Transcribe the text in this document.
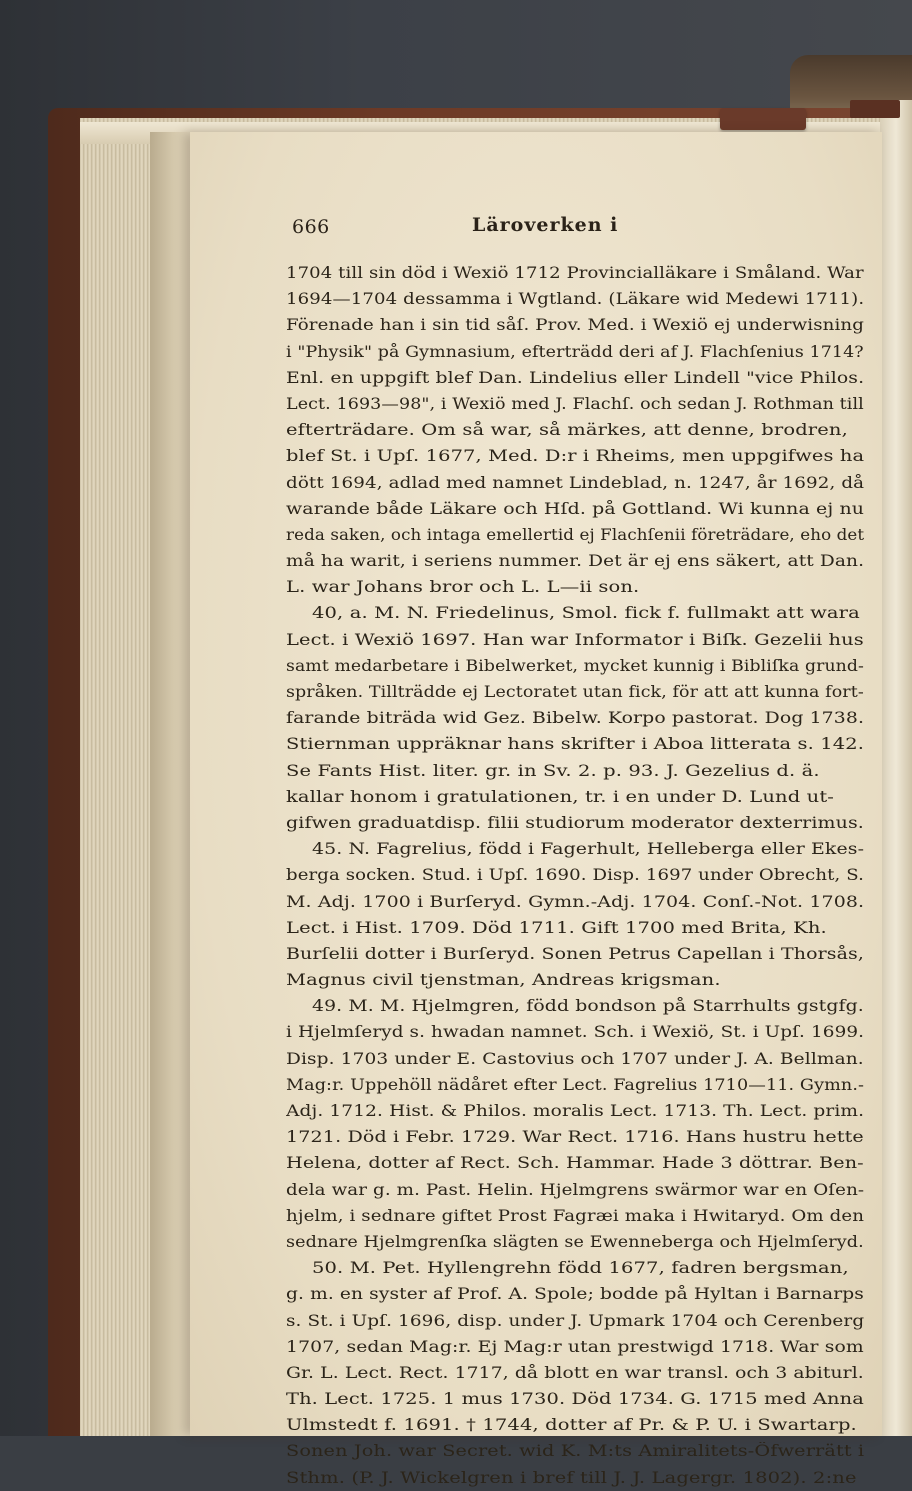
666	Läroverken i
1704 till sin död i Wexiö 1712 Provincialläkare i Småland. War
1694—1704 dessamma i Wgtland. (Läkare wid Medewi 1711).
Förenade han i sin tid såſ. Prov. Med. i Wexiö ej underwisning
i "Physik" på Gymnasium, efterträdd deri af J. Flachſenius 1714?
Enl. en uppgift blef Dan. Lindelius eller Lindell "vice Philos.
Lect. 1693—98", i Wexiö med J. Flachſ. och sedan J. Rothman till
efterträdare. Om så war, så märkes, att denne, brodren,
blef St. i Upſ. 1677, Med. D:r i Rheims, men uppgifwes ha
dött 1694, adlad med namnet Lindeblad, n. 1247, år 1692, då
warande både Läkare och Hſd. på Gottland. Wi kunna ej nu
reda saken, och intaga emellertid ej Flachſenii företrädare, eho det
må ha warit, i seriens nummer. Det är ej ens säkert, att Dan.
L. war Johans bror och L. L—ii son.
40, a. M. N. Friedelinus, Smol. fick f. fullmakt att wara
Lect. i Wexiö 1697. Han war Informator i Biſk. Gezelii hus
samt medarbetare i Bibelwerket, mycket kunnig i Bibliſka grund-
språken. Tillträdde ej Lectoratet utan fick, för att att kunna fort-
farande biträda wid Gez. Bibelw. Korpo pastorat. Dog 1738.
Stiernman uppräknar hans skrifter i Aboa litterata s. 142.
Se Fants Hist. liter. gr. in Sv. 2. p. 93. J. Gezelius d. ä.
kallar honom i gratulationen, tr. i en under D. Lund ut-
gifwen graduatdisp. filii studiorum moderator dexterrimus.
45. N. Fagrelius, född i Fagerhult, Helleberga eller Ekes-
berga socken. Stud. i Upſ. 1690. Disp. 1697 under Obrecht, S.
M. Adj. 1700 i Burſeryd. Gymn.-Adj. 1704. Conſ.-Not. 1708.
Lect. i Hist. 1709. Död 1711. Gift 1700 med Brita, Kh.
Burſelii dotter i Burſeryd. Sonen Petrus Capellan i Thorsås,
Magnus civil tjenstman, Andreas krigsman.
49. M. M. Hjelmgren, född bondson på Starrhults gstgfg.
i Hjelmſeryd s. hwadan namnet. Sch. i Wexiö, St. i Upſ. 1699.
Disp. 1703 under E. Castovius och 1707 under J. A. Bellman.
Mag:r. Uppehöll nädåret efter Lect. Fagrelius 1710—11. Gymn.-
Adj. 1712. Hist. & Philos. moralis Lect. 1713. Th. Lect. prim.
1721. Död i Febr. 1729. War Rect. 1716. Hans hustru hette
Helena, dotter af Rect. Sch. Hammar. Hade 3 döttrar. Ben-
dela war g. m. Past. Helin. Hjelmgrens swärmor war en Oſen-
hjelm, i sednare giftet Prost Fagræi maka i Hwitaryd. Om den
sednare Hjelmgrenſka slägten se Ewenneberga och Hjelmſeryd.
50. M. Pet. Hyllengrehn född 1677, fadren bergsman,
g. m. en syster af Prof. A. Spole; bodde på Hyltan i Barnarps
s. St. i Upſ. 1696, disp. under J. Upmark 1704 och Cerenberg
1707, sedan Mag:r. Ej Mag:r utan prestwigd 1718. War som
Gr. L. Lect. Rect. 1717, då blott en war transl. och 3 abiturl.
Th. Lect. 1725. 1 mus 1730. Död 1734. G. 1715 med Anna
Ulmstedt f. 1691. † 1744, dotter af Pr. & P. U. i Swartarp.
Sonen Joh. war Secret. wid K. M:ts Amiralitets-Öfwerrätt i
Sthm. (P. J. Wickelgren i bref till J. J. Lagergr. 1802). 2:ne
